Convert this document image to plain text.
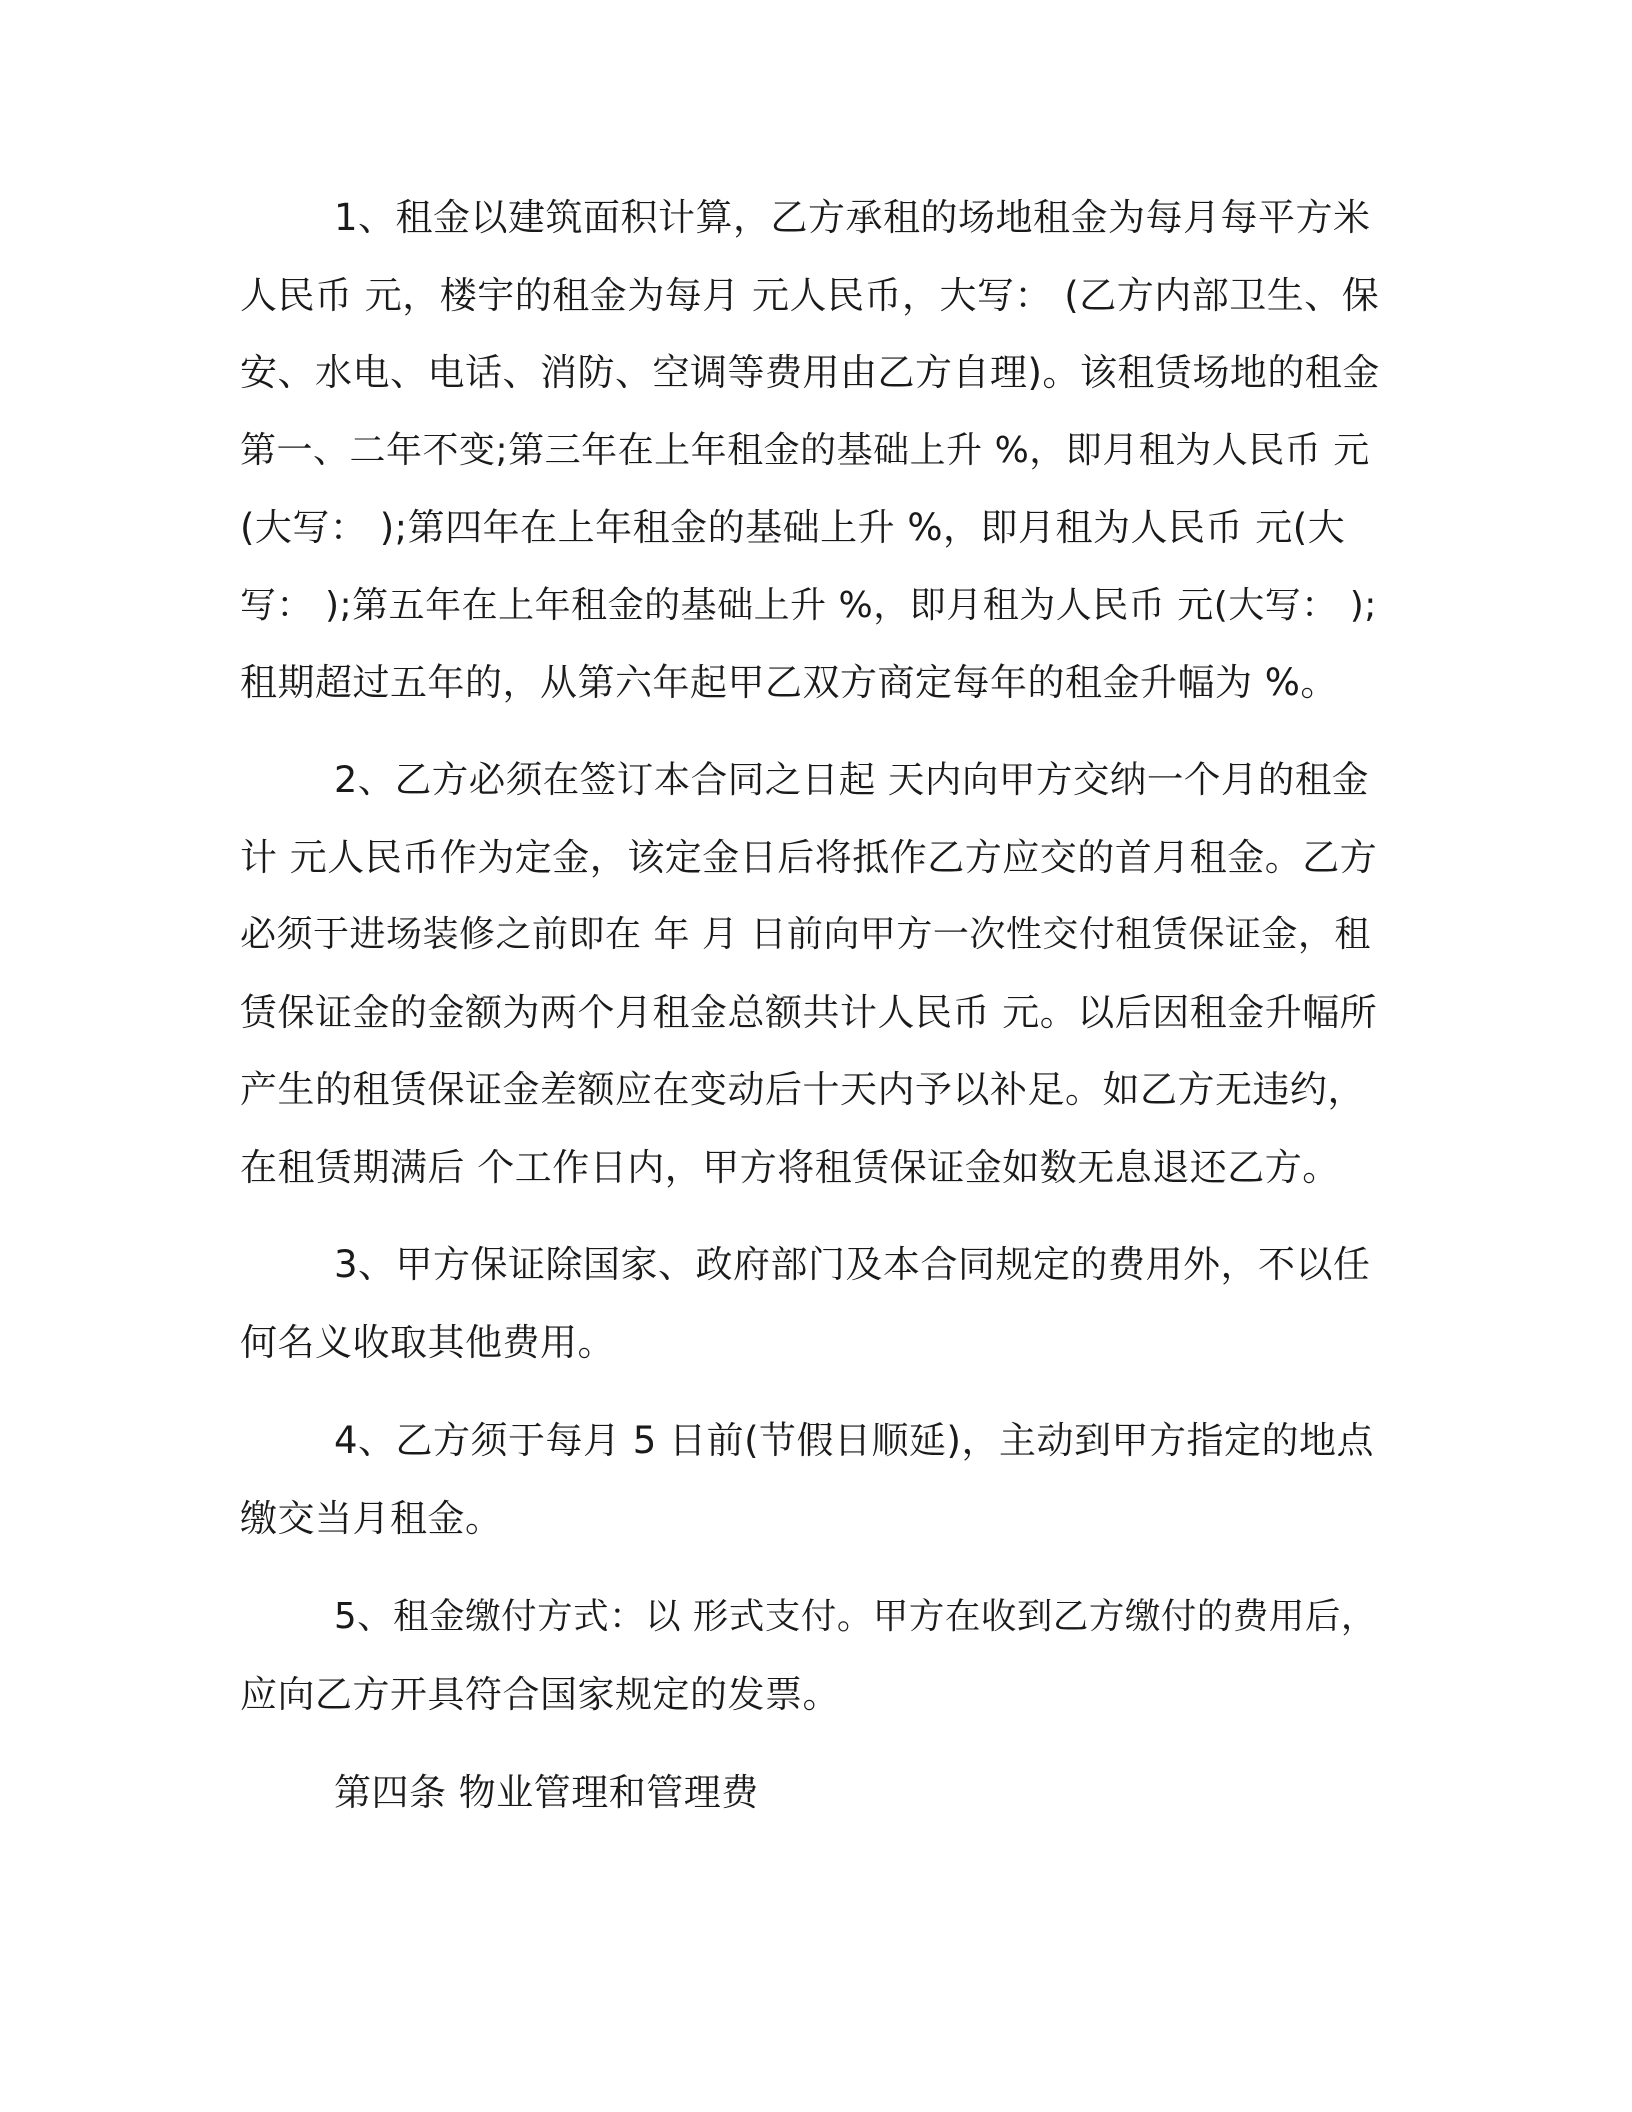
1、租金以建筑面积计算，乙方承租的场地租金为每月每平方米
人民币 元，楼宇的租金为每月 元人民币，大写： (乙方内部卫生、保
安、水电、电话、消防、空调等费用由乙方自理)。该租赁场地的租金
第一、二年不变;第三年在上年租金的基础上升 %，即月租为人民币 元
(大写： );第四年在上年租金的基础上升 %，即月租为人民币 元(大
写： );第五年在上年租金的基础上升 %，即月租为人民币 元(大写： );
租期超过五年的，从第六年起甲乙双方商定每年的租金升幅为 %。
2、乙方必须在签订本合同之日起 天内向甲方交纳一个月的租金
计 元人民币作为定金，该定金日后将抵作乙方应交的首月租金。乙方
必须于进场装修之前即在 年 月 日前向甲方一次性交付租赁保证金，租
赁保证金的金额为两个月租金总额共计人民币 元。以后因租金升幅所
产生的租赁保证金差额应在变动后十天内予以补足。如乙方无违约，
在租赁期满后 个工作日内，甲方将租赁保证金如数无息退还乙方。
3、甲方保证除国家、政府部门及本合同规定的费用外，不以任
何名义收取其他费用。
4、乙方须于每月 5 日前(节假日顺延)，主动到甲方指定的地点
缴交当月租金。
5、租金缴付方式：以 形式支付。甲方在收到乙方缴付的费用后，
应向乙方开具符合国家规定的发票。
第四条 物业管理和管理费
